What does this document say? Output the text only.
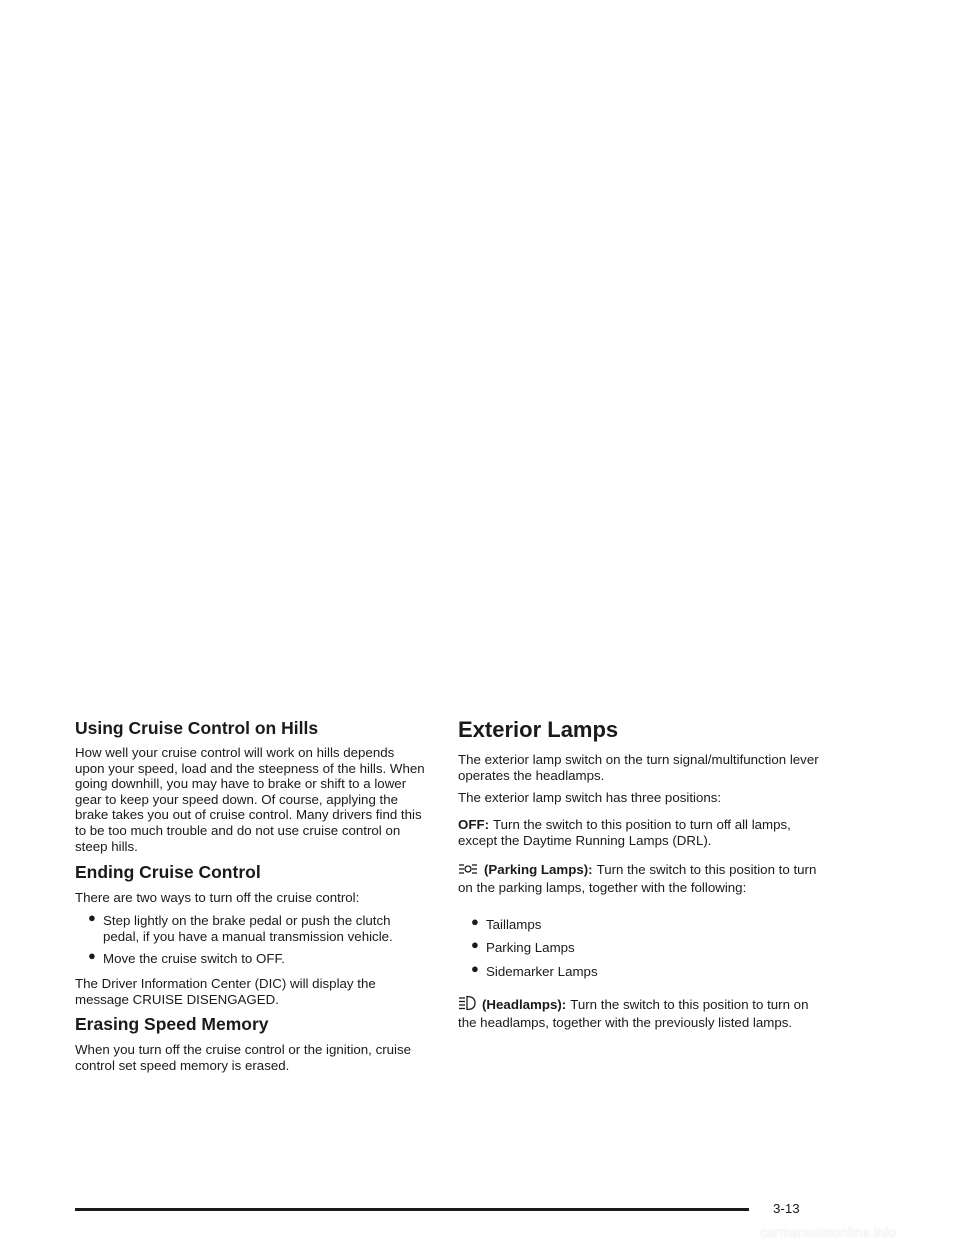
Using Cruise Control on Hills

How well your cruise control will work on hills depends upon your speed, load and the steepness of the hills. When going downhill, you may have to brake or shift to a lower gear to keep your speed down. Of course, applying the brake takes you out of cruise control. Many drivers find this to be too much trouble and do not use cruise control on steep hills.

Ending Cruise Control

There are two ways to turn off the cruise control:

● Step lightly on the brake pedal or push the clutch pedal, if you have a manual transmission vehicle.
● Move the cruise switch to OFF.

The Driver Information Center (DIC) will display the message CRUISE DISENGAGED.

Erasing Speed Memory

When you turn off the cruise control or the ignition, cruise control set speed memory is erased.

Exterior Lamps

The exterior lamp switch on the turn signal/multifunction lever operates the headlamps.

The exterior lamp switch has three positions:

OFF: Turn the switch to this position to turn off all lamps, except the Daytime Running Lamps (DRL).

(Parking Lamps): Turn the switch to this position to turn on the parking lamps, together with the following:

● Taillamps
● Parking Lamps
● Sidemarker Lamps

(Headlamps): Turn the switch to this position to turn on the headlamps, together with the previously listed lamps.

3-13
carmanualsonline.info
